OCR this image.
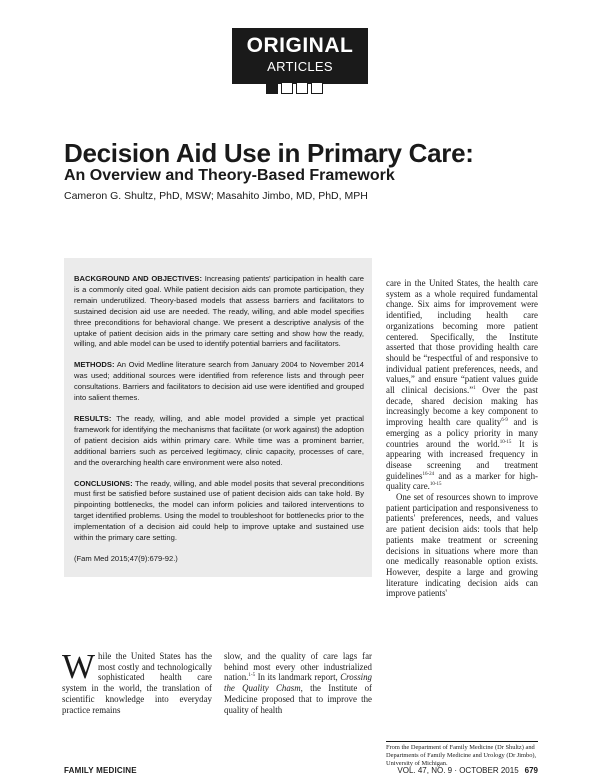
ORIGINAL
ARTICLES
Decision Aid Use in Primary Care:
An Overview and Theory-Based Framework
Cameron G. Shultz, PhD, MSW; Masahito Jimbo, MD, PhD, MPH

BACKGROUND AND OBJECTIVES: Increasing patients' participation in health care is a commonly cited goal. While patient decision aids can promote participation, they remain underutilized. Theory-based models that assess barriers and facilitators to sustained decision aid use are needed. The ready, willing, and able model specifies three preconditions for behavioral change. We present a descriptive analysis of the uptake of patient decision aids in the primary care setting and show how the ready, willing, and able model can be used to identify potential barriers and facilitators.

METHODS: An Ovid Medline literature search from January 2004 to November 2014 was used; additional sources were identified from reference lists and through peer consultations. Barriers and facilitators to decision aid use were identified and grouped into salient themes.

RESULTS: The ready, willing, and able model provided a simple yet practical framework for identifying the mechanisms that facilitate (or work against) the adoption of patient decision aids within primary care. While time was a prominent barrier, additional barriers such as perceived legitimacy, clinic capacity, processes of care, and the overarching health care environment were also noted.

CONCLUSIONS: The ready, willing, and able model posits that several preconditions must first be satisfied before sustained use of patient decision aids can take hold. By pinpointing bottlenecks, the model can inform policies and tailored interventions to target identified problems. Using the model to troubleshoot for bottlenecks prior to the implementation of a decision aid could help to improve uptake and sustained use within the primary care setting.

(Fam Med 2015;47(9):679-92.)

While the United States has the most costly and technologically sophisticated health care system in the world, the translation of scientific knowledge into everyday practice remains

slow, and the quality of care lags far behind most every other industrialized nation.$^{1-5}$ In its landmark report, Crossing the Quality Chasm, the Institute of Medicine proposed that to improve the quality of health

care in the United States, the health care system as a whole required fundamental change. Six aims for improvement were identified, including health care organizations becoming more patient centered. Specifically, the Institute asserted that those providing health care should be “respectful of and responsive to individual patient preferences, needs, and values,” and ensure “patient values guide all clinical decisions.”$^1$ Over the past decade, shared decision making has increasingly become a key component to improving health care quality$^{6-9}$ and is emerging as a policy priority in many countries around the world.$^{10-15}$ It is appearing with increased frequency in disease screening and treatment guidelines$^{16-24}$ and as a marker for high-quality care.$^{10-15}$

One set of resources shown to improve patient participation and responsiveness to patients' preferences, needs, and values are patient decision aids: tools that help patients make treatment or screening decisions in situations where more than one medically reasonable option exists. However, despite a large and growing literature indicating decision aids can improve patients'

From the Department of Family Medicine (Dr Shultz) and Departments of Family Medicine and Urology (Dr Jimbo), University of Michigan.
FAMILY MEDICINE	VOL. 47, NO. 9 · OCTOBER 2015 679
